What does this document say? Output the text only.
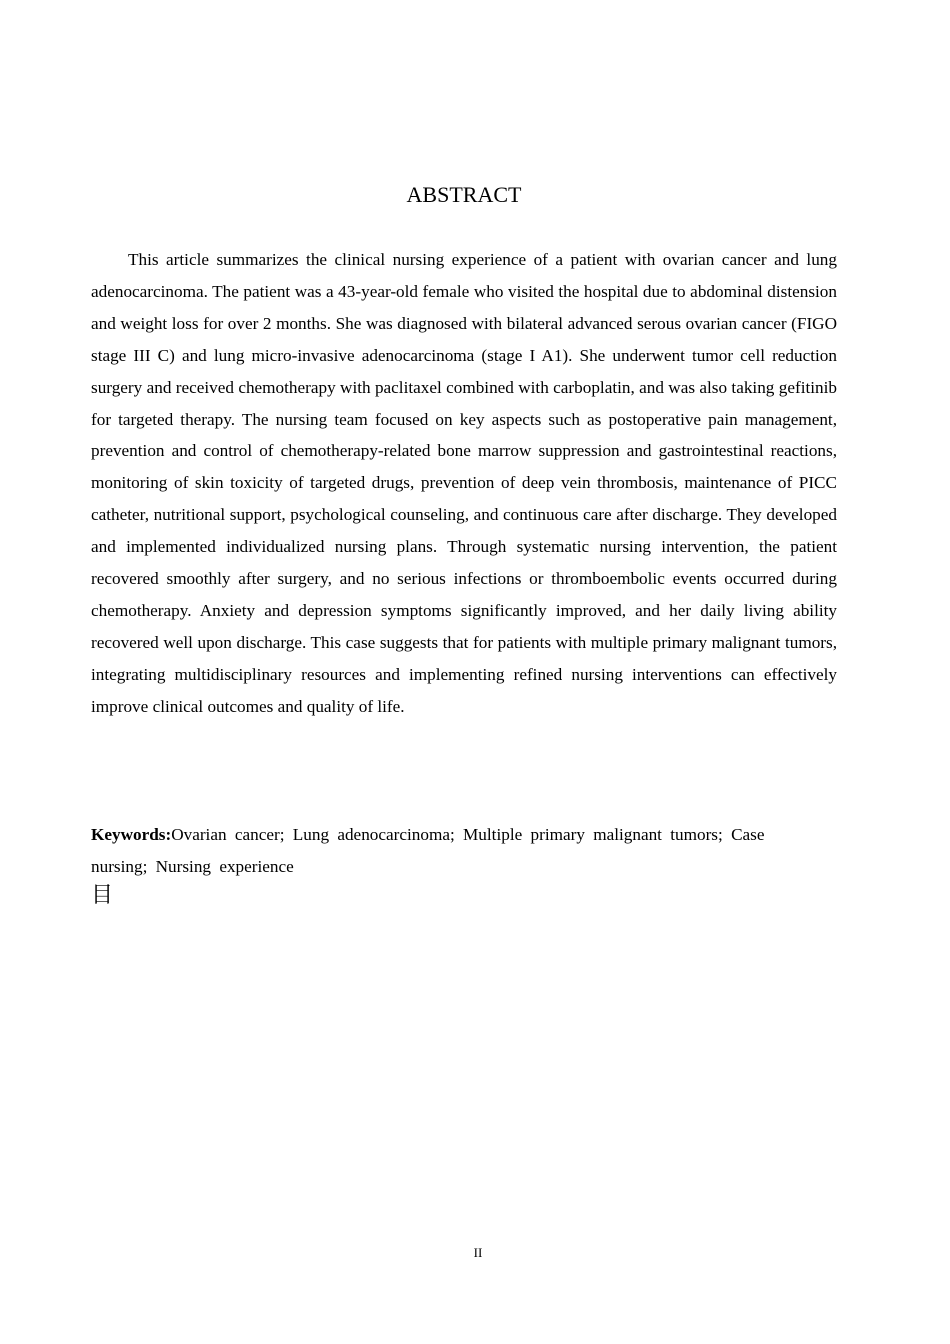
ABSTRACT

This article summarizes the clinical nursing experience of a patient with ovarian cancer and lung adenocarcinoma. The patient was a 43-year-old female who visited the hospital due to abdominal distension and weight loss for over 2 months. She was diagnosed with bilateral advanced serous ovarian cancer (FIGO stage III C) and lung micro-invasive adenocarcinoma (stage I A1). She underwent tumor cell reduction surgery and received chemotherapy with paclitaxel combined with carboplatin, and was also taking gefitinib for targeted therapy. The nursing team focused on key aspects such as postoperative pain management, prevention and control of chemotherapy-related bone marrow suppression and gastrointestinal reactions, monitoring of skin toxicity of targeted drugs, prevention of deep vein thrombosis, maintenance of PICC catheter, nutritional support, psychological counseling, and continuous care after discharge. They developed and implemented individualized nursing plans. Through systematic nursing intervention, the patient recovered smoothly after surgery, and no serious infections or thromboembolic events occurred during chemotherapy. Anxiety and depression symptoms significantly improved, and her daily living ability recovered well upon discharge. This case suggests that for patients with multiple primary malignant tumors, integrating multidisciplinary resources and implementing refined nursing interventions can effectively improve clinical outcomes and quality of life.

Keywords:Ovarian cancer; Lung adenocarcinoma; Multiple primary malignant tumors; Case nursing; Nursing experience

目
II
